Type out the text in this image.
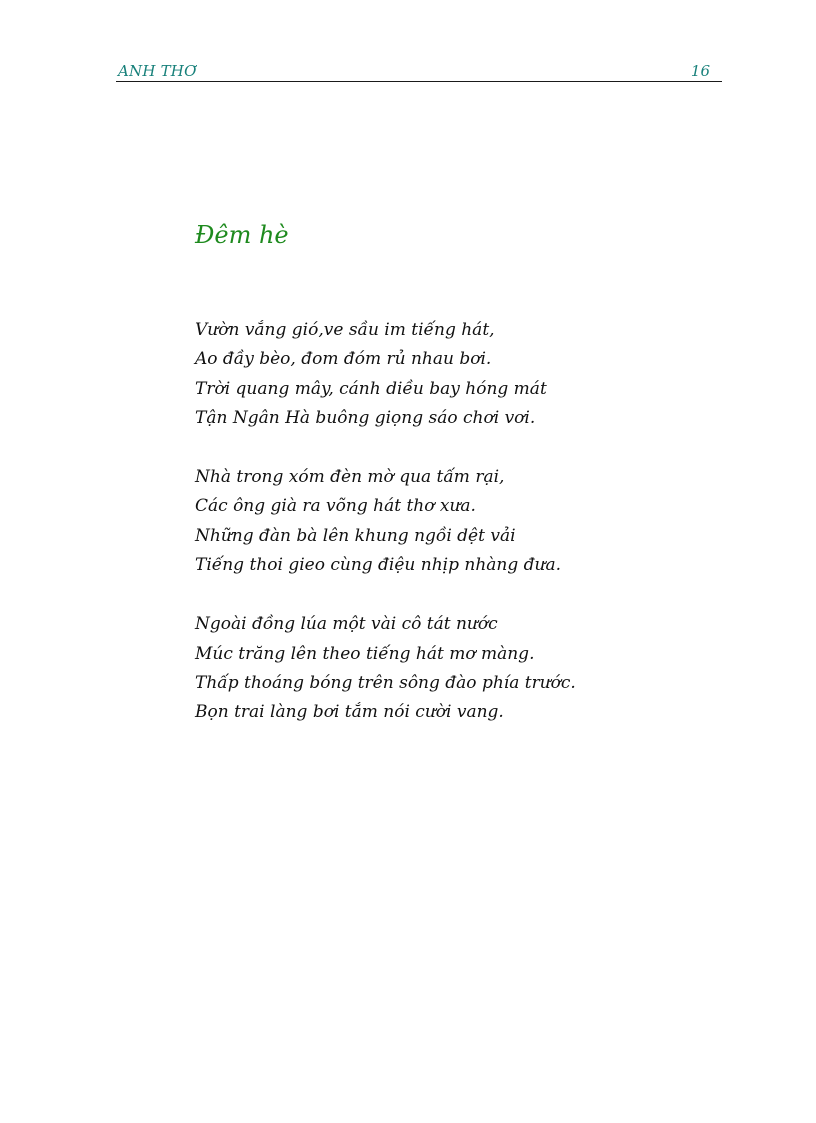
ANH THƠ	16
Đêm hè
Vườn vắng gió,ve sầu im tiếng hát,
Ao đầy bèo, đom đóm rủ nhau bơi.
Trời quang mây, cánh diều bay hóng mát
Tận Ngân Hà buông giọng sáo chơi vơi.
Nhà trong xóm đèn mờ qua tấm rại,
Các ông già ra võng hát thơ xưa.
Những đàn bà lên khung ngồi dệt vải
Tiếng thoi gieo cùng điệu nhịp nhàng đưa.
Ngoài đồng lúa một vài cô tát nước
Múc trăng lên theo tiếng hát mơ màng.
Thấp thoáng bóng trên sông đào phía trước.
Bọn trai làng bơi tắm nói cười vang.
